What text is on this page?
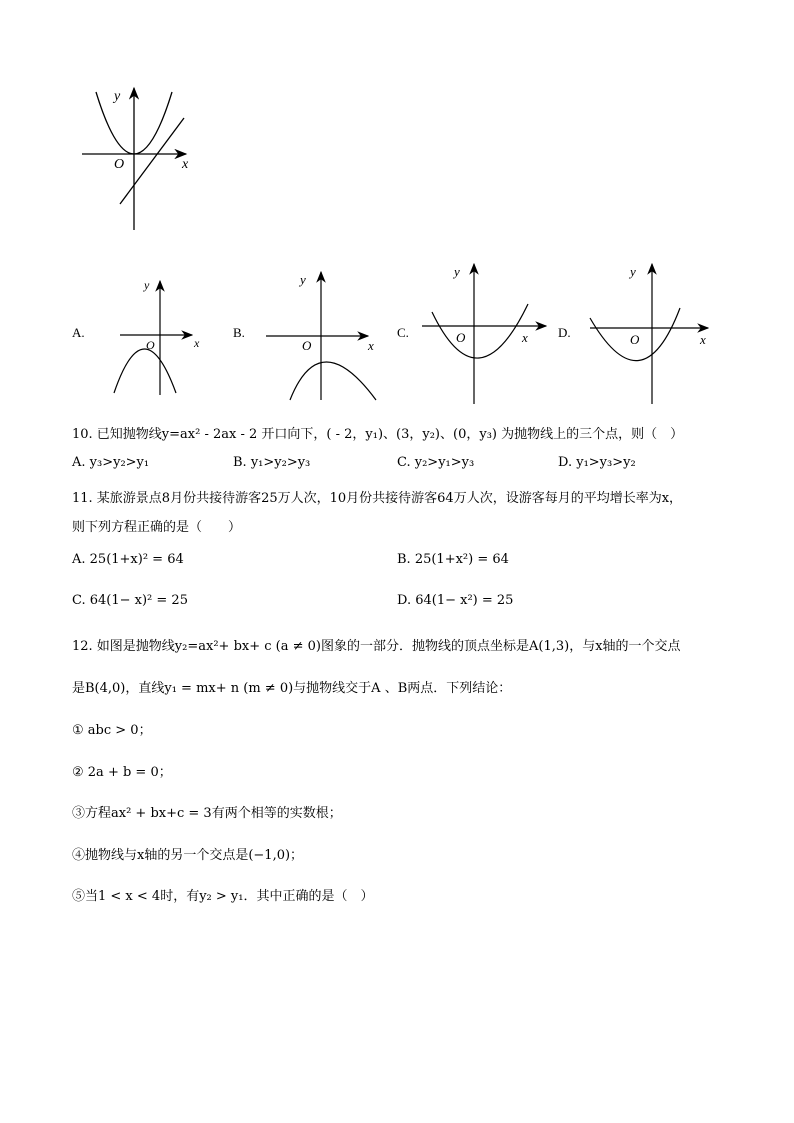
y
x
O
A.
y
x
O
B.
y
x
O
C.
y
x
O	D.
y
x
O
10. 已知抛物线y=ax² - 2ax - 2 开口向下，( - 2，y₁)、(3，y₂)、(0，y₃) 为抛物线上的三个点，则（　）
A. y₃>y₂>y₁	B. y₁>y₂>y₃	C. y₂>y₁>y₃	D. y₁>y₃>y₂
11. 某旅游景点8月份共接待游客25万人次，10月份共接待游客64万人次，设游客每月的平均增长率为x，
则下列方程正确的是（　　）
A. 25(1+x)² = 64	B. 25(1+x²) = 64
C. 64(1− x)² = 25	D. 64(1− x²) = 25
12. 如图是抛物线y₂=ax²+ bx+ c (a ≠ 0)图象的一部分．抛物线的顶点坐标是A(1,3)，与x轴的一个交点
是B(4,0)，直线y₁ = mx+ n (m ≠ 0)与抛物线交于A 、B两点．下列结论：
① abc > 0；
② 2a + b = 0；
③方程ax² + bx+c = 3有两个相等的实数根；
④抛物线与x轴的另一个交点是(−1,0)；
⑤当1 < x < 4时，有y₂ > y₁．其中正确的是（　）
